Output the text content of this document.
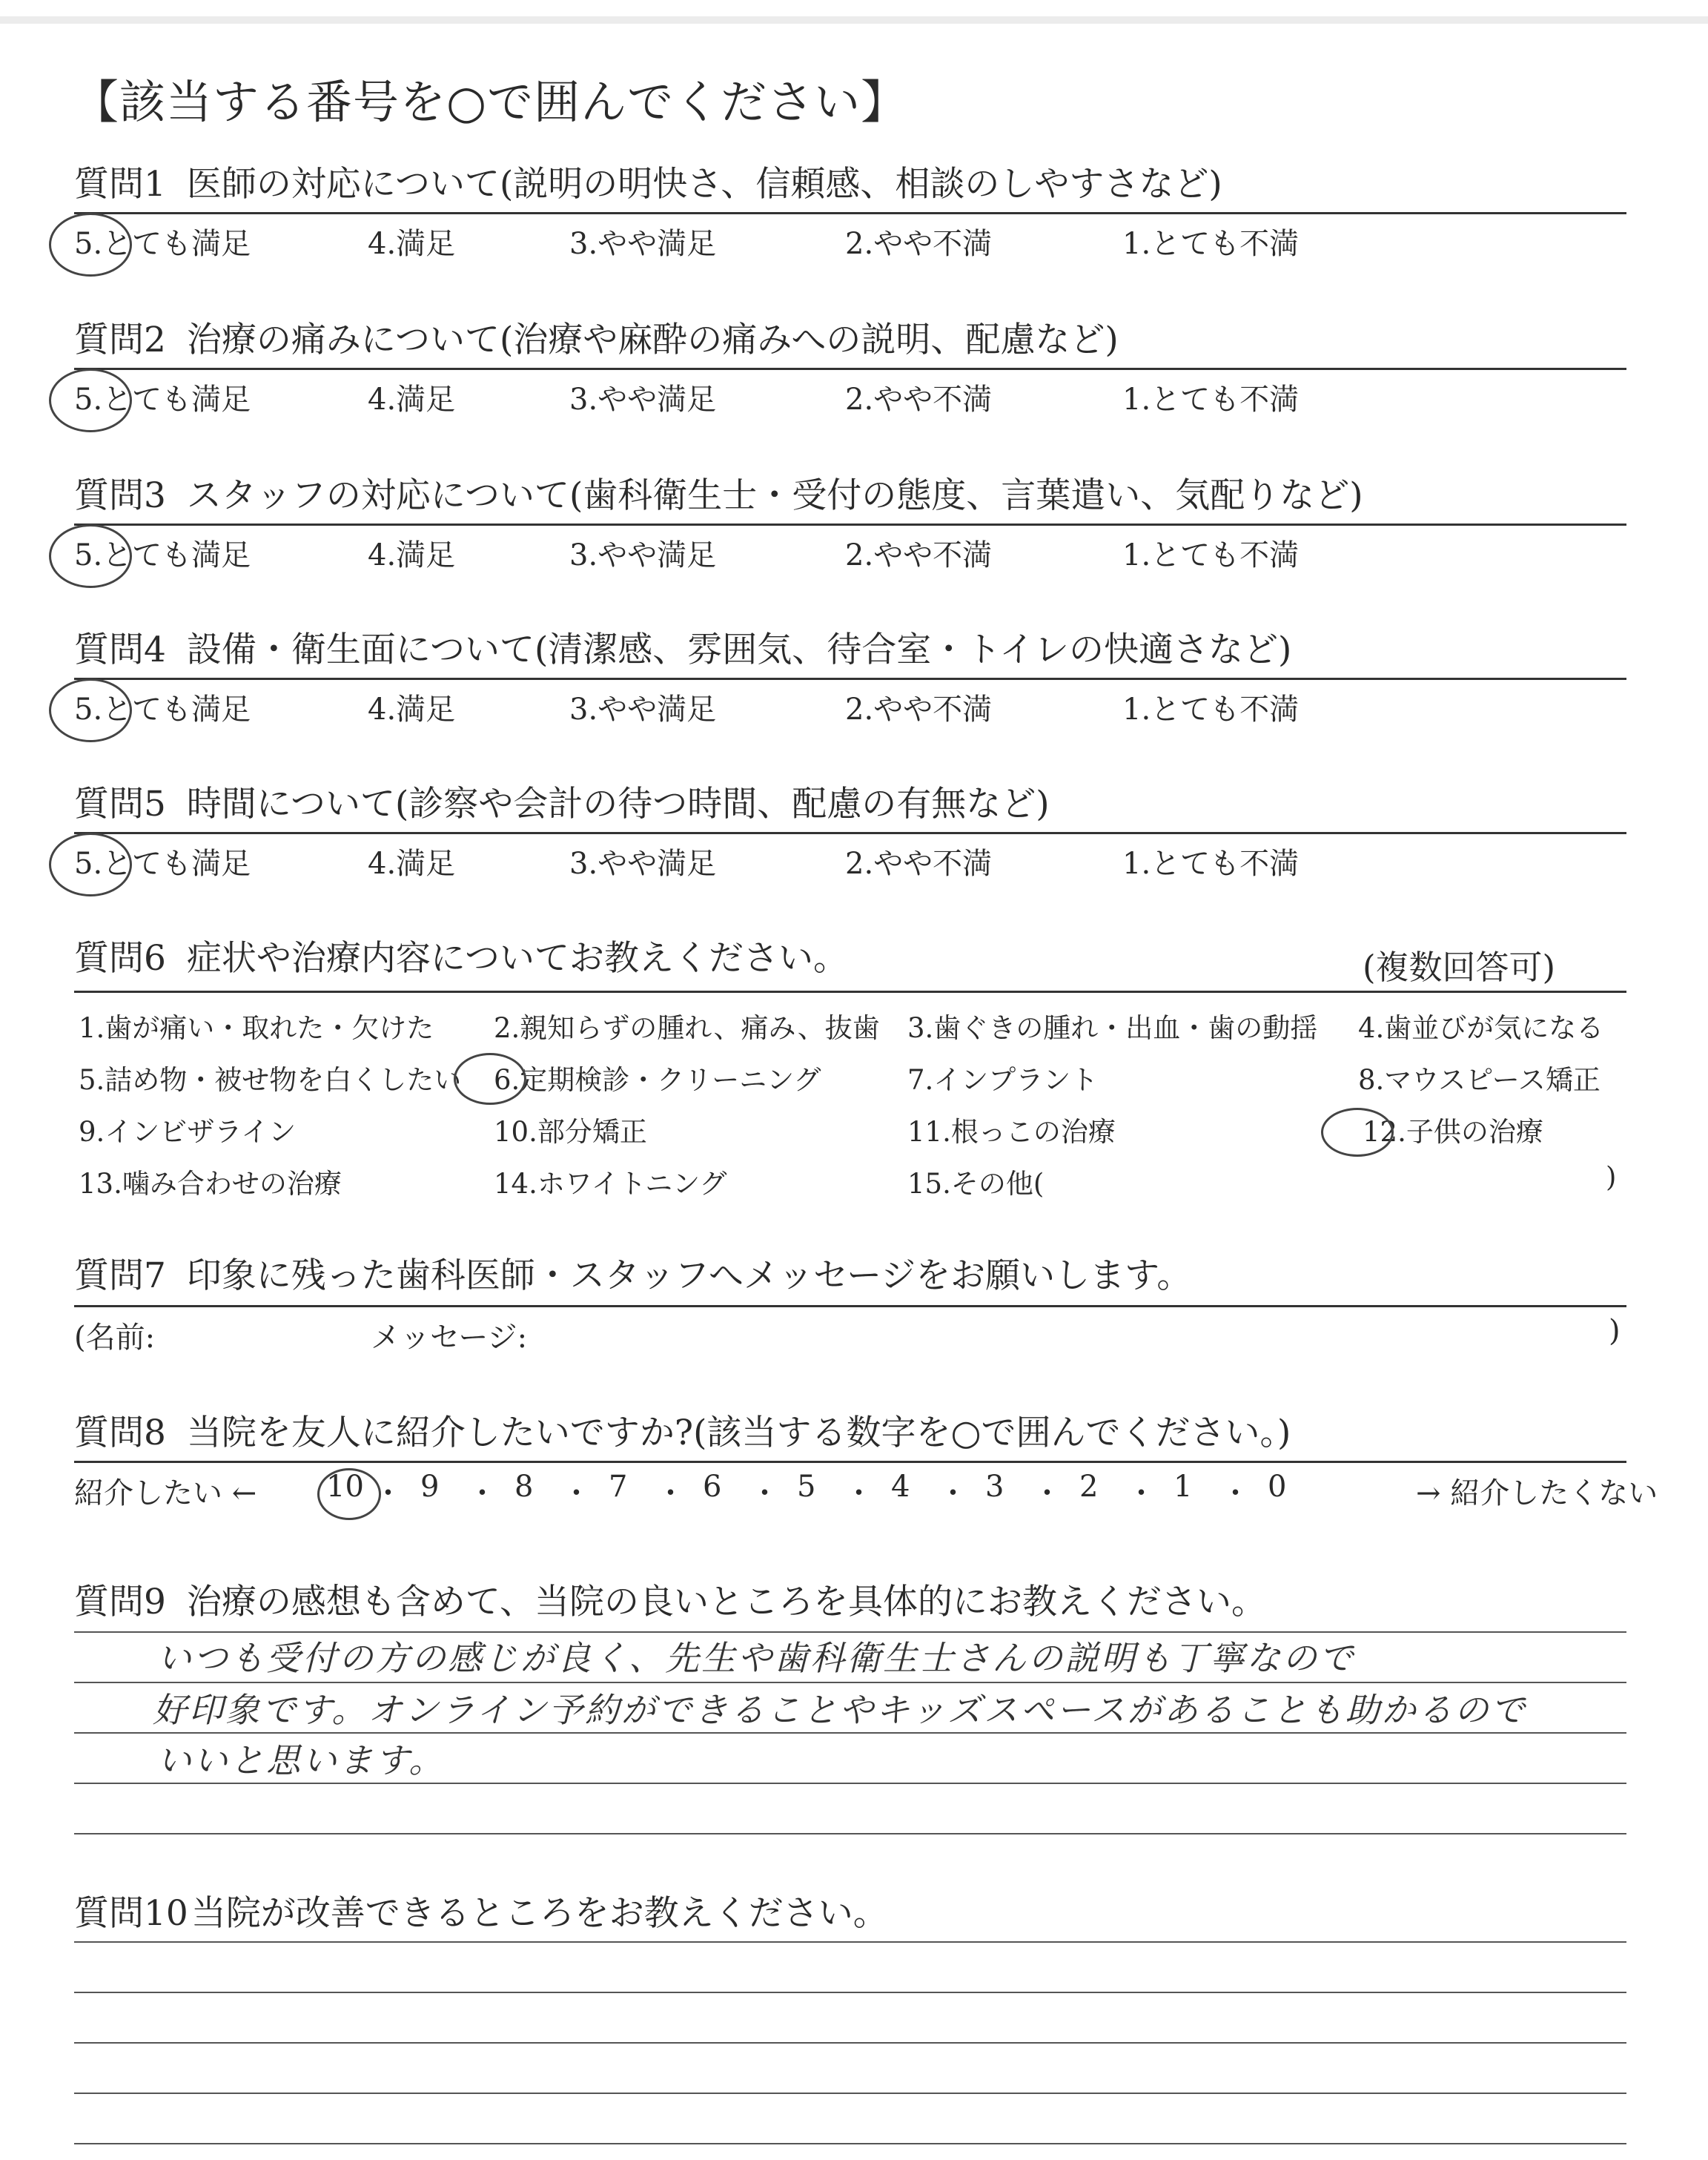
【該当する番号を○で囲んでください】
質問1 医師の対応について(説明の明快さ、信頼感、相談のしやすさなど)
5.とても満足	4.満足	3.やや満足	2.やや不満	1.とても不満
質問2 治療の痛みについて(治療や麻酔の痛みへの説明、配慮など)
5.とても満足	4.満足	3.やや満足	2.やや不満	1.とても不満
質問3 スタッフの対応について(歯科衛生士・受付の態度、言葉遣い、気配りなど)
5.とても満足	4.満足	3.やや満足	2.やや不満	1.とても不満
質問4 設備・衛生面について(清潔感、雰囲気、待合室・トイレの快適さなど)
5.とても満足	4.満足	3.やや満足	2.やや不満	1.とても不満
質問5 時間について(診察や会計の待つ時間、配慮の有無など)
5.とても満足	4.満足	3.やや満足	2.やや不満	1.とても不満
質問6 症状や治療内容についてお教えください。	(複数回答可)
1.歯が痛い・取れた・欠けた 2.親知らずの腫れ、痛み、抜歯 3.歯ぐきの腫れ・出血・歯の動揺 4.歯並びが気になる
5.詰め物・被せ物を白くしたい 6.定期検診・クリーニング	7.インプラント	8.マウスピース矯正
9.インビザライン	10.部分矯正	11.根っこの治療	12.子供の治療
13.噛み合わせの治療	14.ホワイトニング	15.その他(	)
質問7 印象に残った歯科医師・スタッフへメッセージをお願いします。
(名前:	メッセージ:	)
質問8 当院を友人に紹介したいですか?(該当する数字を○で囲んでください。)
紹介したい ←	→ 紹介したくない
10 ・ 9 ・ 8 ・ 7 ・ 6 ・ 5 ・ 4 ・ 3 ・ 2 ・ 1 ・ 0
質問9 治療の感想も含めて、当院の良いところを具体的にお教えください。
いつも受付の方の感じが良く、先生や歯科衛生士さんの説明も丁寧なので
好印象です。オンライン予約ができることやキッズスペースがあることも助かるので
いいと思います。
質問10当院が改善できるところをお教えください。
